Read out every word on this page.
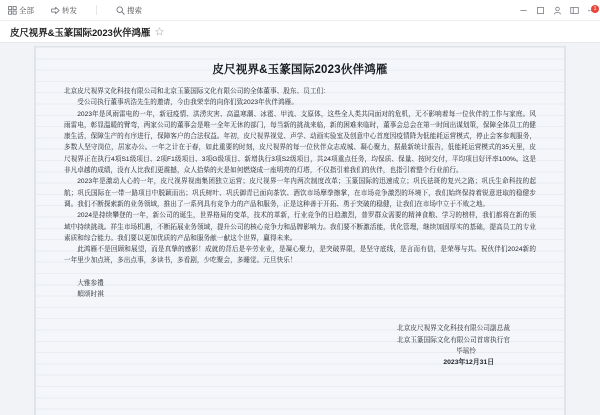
全部	转发	搜索	1
皮尺视界&玉篆国际2023伙伴鸿雁
皮尺视界&玉篆国际2023伙伴鸿雁
北京皮尺视界文化科技有限公司和北京玉篆国际文化有限公司的全体董事、股东、员工们：
受公司执行董事巩浩先生的邀请，今由我荣幸的向你们致2023年伙伴鸿雁。
2023年是风雨雷电的一年，新冠疫情、洪涝灾害、高温寒潮、冰雹、甲流、支原体，这些全人类共同面对的危机，无不影响着每一位伙伴的工作与家庭。风雨雷电，彰显温暖的臂弯，两家公司的董事会是唯一全年无休的部门，每当新的挑战来临，新的困难来临时，董事会总会在第一时间出谋划策，保障全体员工的健康生活，保障生产的有序进行，保障客户的合法权益。年初，皮尺视界视觉、声学、动画实验室及创意中心首度因疫情降为低能耗运营模式，停止会客参观服务，多数人坚守岗位，居家办公。一年之计在于春，如此重要的时刻，皮尺视界的每一位伙伴众志成城、凝心聚力，据最新统计报告，低能耗运营模式的35天里，皮尺视界正在执行4项S1级项目、2项F1级项目、3项G级项目、新增执行3项S2级项目，共24项重点任务，均保质、保量、按时交付，平均项目好评率100%。这是非凡卓越的成绩，没有人比我们更震撼，众人拾柴的火是如何燃烧成一座明亮的灯塔，不仅指引着我们的伙伴，也指引着整个行业前行。
2023年是激动人心的一年，皮尺视界视南集团独立运营；皮尺视界一年内两次制度改革；玉篆国际的迅速成立；巩氏祛斑的复兴之路；巩氏生命科技的起航；巩氏国际在一带一路项目中脱颖而出；巩氏树叶、巩氏御青已面向茶饮、酒饮市场摩拳擦掌，在市场竞争激烈的环境下，我们始终保持着锐意进取的稳健步调。我们不断探索新的业务领域，推出了一系列具有竞争力的产品和服务，正是这种善于开拓、勇于突破的稳健，让我们在市场中立于不败之地。
2024是持续攀登的一年，新公司的诞生，世界格局的变革，技术的革新，行业竞争的日趋激烈，普罗群众需要的精神食粮、学习的榜样，我们都将在新的领域中持续挑战。祥生市场机遇，不断拓展业务领域，提升公司的核心竞争力和品牌影响力。我们要不断激活能，优化管理，继续加固厚实的基础，提高员工的专业素质和综合能力。我们要以更加优质的产品和服务献一献这个世界，赢得未来。
此鸿雁不是回顾和展望，而是真挚的感影！成就的背后是辛劳业业，是凝心聚力，是突破界限，是坚守底线，是言而有信，是荣辱与共。祝伙伴们2024新的一年里少加点班，多出点事，多读书，多看剧，少吃聚会，多睡觉。元旦快乐！
大雅参禮
順颂时祺
北京皮尺视界文化科技有限公司副总裁
北京玉篆国际文化有限公司首席执行官
毕瑶怜
2023年12月31日
